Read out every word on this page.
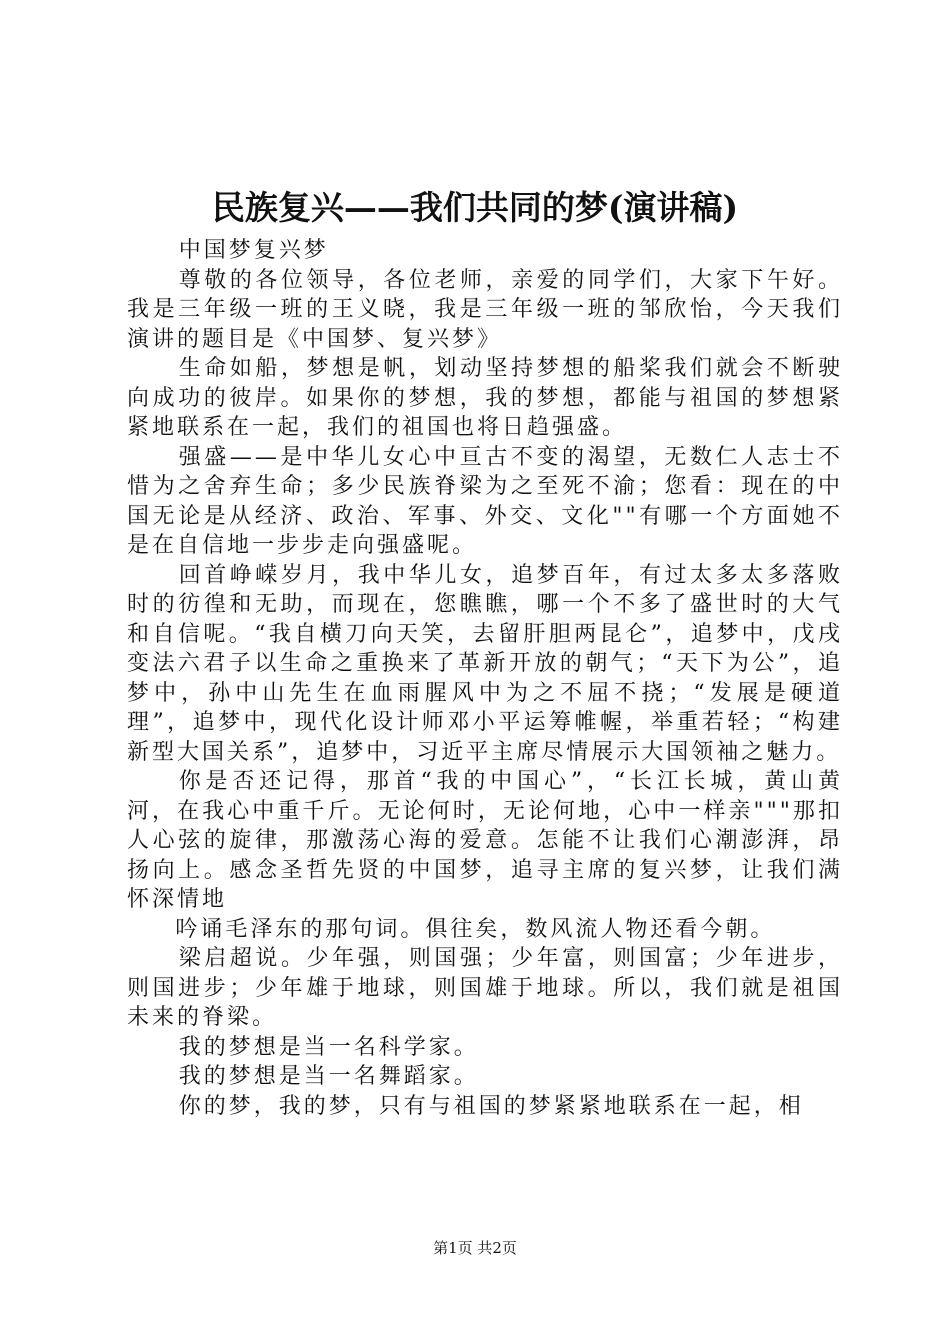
民族复兴——我们共同的梦(演讲稿)

中国梦复兴梦

尊敬的各位领导，各位老师，亲爱的同学们，大家下午好。我是三年级一班的王义晓，我是三年级一班的邹欣怡，今天我们演讲的题目是《中国梦、复兴梦》

生命如船，梦想是帆，划动坚持梦想的船桨我们就会不断驶向成功的彼岸。如果你的梦想，我的梦想，都能与祖国的梦想紧紧地联系在一起，我们的祖国也将日趋强盛。

强盛——是中华儿女心中亘古不变的渴望，无数仁人志士不惜为之舍弃生命；多少民族脊梁为之至死不渝；您看：现在的中国无论是从经济、政治、军事、外交、文化""有哪一个方面她不是在自信地一步步走向强盛呢。

回首峥嵘岁月，我中华儿女，追梦百年，有过太多太多落败时的彷徨和无助，而现在，您瞧瞧，哪一个不多了盛世时的大气和自信呢。“我自横刀向天笑，去留肝胆两昆仑”，追梦中，戊戌变法六君子以生命之重换来了革新开放的朝气；“天下为公”，追梦中，孙中山先生在血雨腥风中为之不屈不挠；“发展是硬道理”，追梦中，现代化设计师邓小平运筹帷幄，举重若轻；“构建新型大国关系”，追梦中，习近平主席尽情展示大国领袖之魅力。

你是否还记得，那首“我的中国心”，“长江长城，黄山黄河，在我心中重千斤。无论何时，无论何地，心中一样亲"""那扣人心弦的旋律，那激荡心海的爱意。怎能不让我们心潮澎湃，昂扬向上。感念圣哲先贤的中国梦，追寻主席的复兴梦，让我们满怀深情地

吟诵毛泽东的那句词。俱往矣，数风流人物还看今朝。

梁启超说。少年强，则国强；少年富，则国富；少年进步，则国进步；少年雄于地球，则国雄于地球。所以，我们就是祖国未来的脊梁。

我的梦想是当一名科学家。

我的梦想是当一名舞蹈家。

你的梦，我的梦，只有与祖国的梦紧紧地联系在一起，相

第1页 共2页
